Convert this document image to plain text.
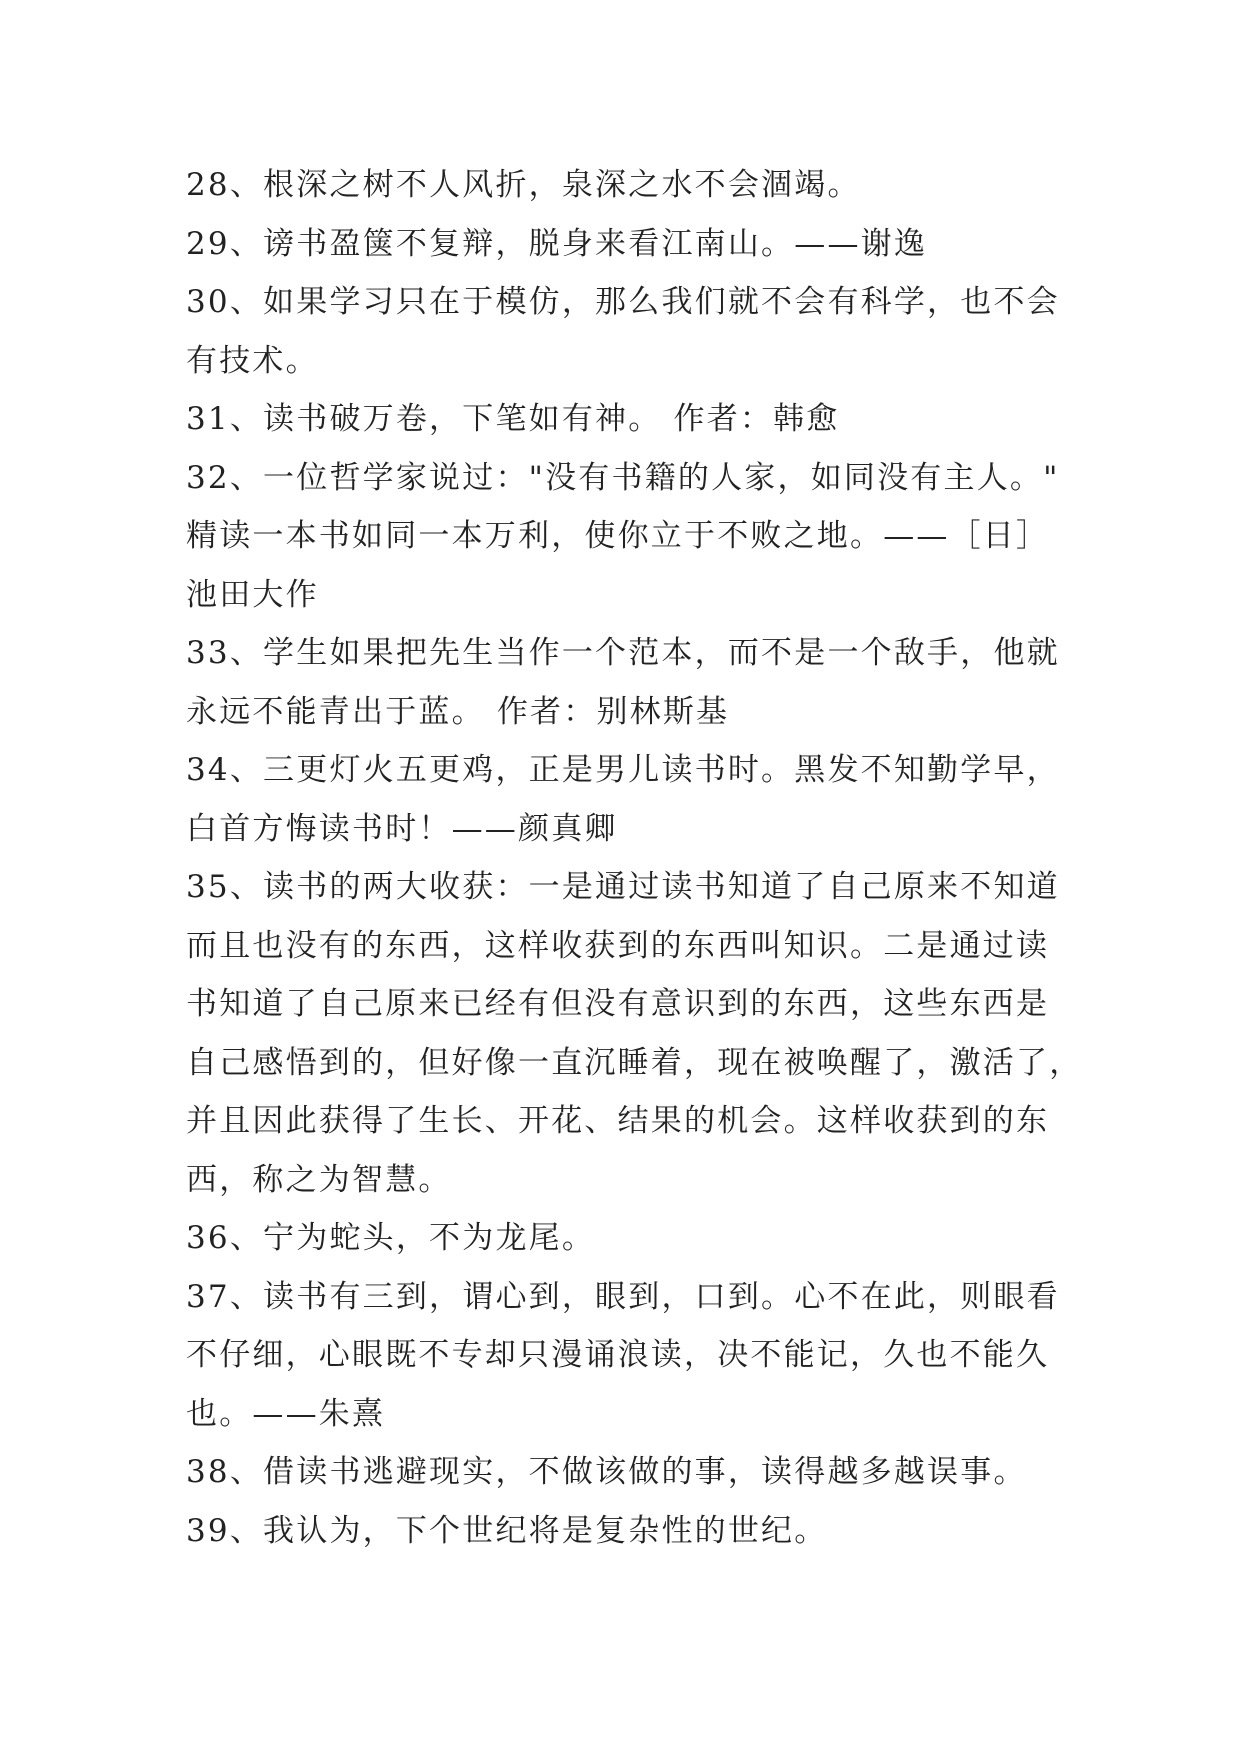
28、根深之树不人风折，泉深之水不会涸竭。
29、谤书盈箧不复辩，脱身来看江南山。——谢逸
30、如果学习只在于模仿，那么我们就不会有科学，也不会
有技术。
31、读书破万卷，下笔如有神。 作者：韩愈
32、一位哲学家说过："没有书籍的人家，如同没有主人。"
精读一本书如同一本万利，使你立于不败之地。——［日］
池田大作
33、学生如果把先生当作一个范本，而不是一个敌手，他就
永远不能青出于蓝。 作者：别林斯基
34、三更灯火五更鸡，正是男儿读书时。黑发不知勤学早，
白首方悔读书时！——颜真卿
35、读书的两大收获：一是通过读书知道了自己原来不知道
而且也没有的东西，这样收获到的东西叫知识。二是通过读
书知道了自己原来已经有但没有意识到的东西，这些东西是
自己感悟到的，但好像一直沉睡着，现在被唤醒了，激活了，
并且因此获得了生长、开花、结果的机会。这样收获到的东
西，称之为智慧。
36、宁为蛇头，不为龙尾。
37、读书有三到，谓心到，眼到，口到。心不在此，则眼看
不仔细，心眼既不专却只漫诵浪读，决不能记，久也不能久
也。——朱熹
38、借读书逃避现实，不做该做的事，读得越多越误事。
39、我认为，下个世纪将是复杂性的世纪。
